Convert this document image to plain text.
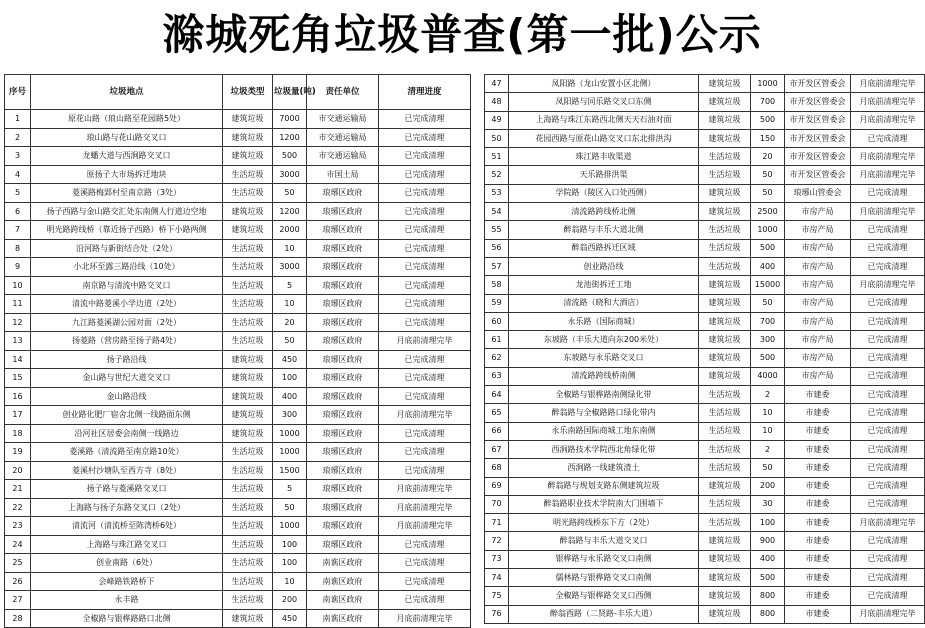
滁城死角垃圾普查(第一批)公示
序号	垃圾地点	垃圾类型	垃圾量(吨)	责任单位	清理进度
1	原花山路（琅山路至花园路5处）	建筑垃圾	7000	市交通运输局	已完成清理
2	琅山路与花山路交叉口	建筑垃圾	1200	市交通运输局	已完成清理
3	龙蟠大道与西涧路交叉口	建筑垃圾	500	市交通运输局	已完成清理
4	原扬子大市场拆迁地块	生活垃圾	3000	市国土局	已完成清理
5	菱溪路梅郢村至南京路（3处）	生活垃圾	50	琅琊区政府	已完成清理
6	扬子西路与金山路交汇处东南侧人行道边空地	建筑垃圾	1200	琅琊区政府	已完成清理
7	明光路跨线桥（靠近扬子西路）桥下小路两侧	建筑垃圾	2000	琅琊区政府	已完成清理
8	沿河路与新街结合处（2处）	生活垃圾	10	琅琊区政府	已完成清理
9	小北环至露三路沿线（10处）	生活垃圾	3000	琅琊区政府	已完成清理
10	南京路与清流中路交叉口	生活垃圾	5	琅琊区政府	已完成清理
11	清流中路菱溪小学边道（2处）	生活垃圾	10	琅琊区政府	已完成清理
12	九江路菱溪湖公园对面（2处）	生活垃圾	20	琅琊区政府	已完成清理
13	扬菱路（营房路至扬子路4处）	生活垃圾	50	琅琊区政府	月底前清理完毕
14	扬子路沿线	建筑垃圾	450	琅琊区政府	已完成清理
15	金山路与世纪大道交叉口	建筑垃圾	100	琅琊区政府	已完成清理
16	金山路沿线	建筑垃圾	400	琅琊区政府	已完成清理
17	创业路化肥厂宿舍北侧一线路面东侧	建筑垃圾	300	琅琊区政府	月底前清理完毕
18	沿河社区居委会南侧一线路边	建筑垃圾	1000	琅琊区政府	已完成清理
19	菱溪路（清流路至南京路10处）	生活垃圾	1000	琅琊区政府	已完成清理
20	菱溪村沙塘队至西方寺（8处）	生活垃圾	1500	琅琊区政府	已完成清理
21	扬子路与菱溪路交叉口	生活垃圾	5	琅琊区政府	月底前清理完毕
22	上海路与扬子东路交叉口（2处）	生活垃圾	50	琅琊区政府	月底前清理完毕
23	清流河（清流桥至陈湾桥6处）	生活垃圾	1000	琅琊区政府	月底前清理完毕
24	上海路与珠江路交叉口	生活垃圾	100	琅琊区政府	已完成清理
25	创业南路（6处）	生活垃圾	100	南谯区政府	已完成清理
26	会峰路铁路桥下	生活垃圾	10	南谯区政府	已完成清理
27	永丰路	生活垃圾	200	南谯区政府	已完成清理
28	全椒路与银桦路路口北侧	建筑垃圾	450	南谯区政府	月底前清理完毕
47	凤阳路（龙山安置小区北侧）	建筑垃圾	1000	市开发区管委会	月底前清理完毕
48	凤阳路与同乐路交叉口东侧	建筑垃圾	700	市开发区管委会	月底前清理完毕
49	上海路与珠江东路西北侧天天石油对面	建筑垃圾	500	市开发区管委会	月底前清理完毕
50	花园西路与原花山路交叉口东北排洪沟	建筑垃圾	150	市开发区管委会	已完成清理
51	珠江路丰收渠道	生活垃圾	20	市开发区管委会	月底前清理完毕
52	天乐路排洪渠	生活垃圾	50	市开发区管委会	月底前清理完毕
53	学院路（陵区入口处西侧）	建筑垃圾	50	琅琊山管委会	已完成清理
54	清流路跨线桥北侧	建筑垃圾	2500	市房产局	月底前清理完毕
55	醉翁路与丰乐大道北侧	生活垃圾	1000	市房产局	已完成清理
56	醉翁西路拆迁区域	生活垃圾	500	市房产局	已完成清理
57	创业路沿线	生活垃圾	400	市房产局	已完成清理
58	龙池街拆迁工地	建筑垃圾	15000	市房产局	月底前清理完毕
59	清流路（晓和大酒店）	建筑垃圾	50	市房产局	已完成清理
60	永乐路（国际商城）	建筑垃圾	700	市房产局	已完成清理
61	东坡路（丰乐大道向东200米处）	建筑垃圾	300	市房产局	已完成清理
62	东坡路与永乐路交叉口	建筑垃圾	500	市房产局	已完成清理
63	清流路跨线桥南侧	建筑垃圾	4000	市房产局	已完成清理
64	全椒路与银桦路南侧绿化带	生活垃圾	2	市建委	已完成清理
65	醉翁路与全椒路路口绿化带内	生活垃圾	10	市建委	已完成清理
66	永乐南路国际商城工地东南侧	生活垃圾	10	市建委	已完成清理
67	西涧路技术学院西北角绿化带	生活垃圾	2	市建委	已完成清理
68	西涧路一线建筑渣土	生活垃圾	50	市建委	已完成清理
69	醉翁路与规划支路东侧建筑垃圾	建筑垃圾	200	市建委	已完成清理
70	醉翁路职业技术学院南大门围墙下	生活垃圾	30	市建委	已完成清理
71	明光路跨线桥东下方（2处）	生活垃圾	100	市建委	月底前清理完毕
72	醉翁路与丰乐大道交叉口	建筑垃圾	900	市建委	已完成清理
73	银桦路与永乐路交叉口南侧	建筑垃圾	400	市建委	已完成清理
74	儒林路与银桦路交叉口南侧	建筑垃圾	500	市建委	已完成清理
75	全椒路与银桦路交叉口西侧	建筑垃圾	800	市建委	已完成清理
76	醉翁西路（二贤路-丰乐大道）	建筑垃圾	800	市建委	月底前清理完毕
